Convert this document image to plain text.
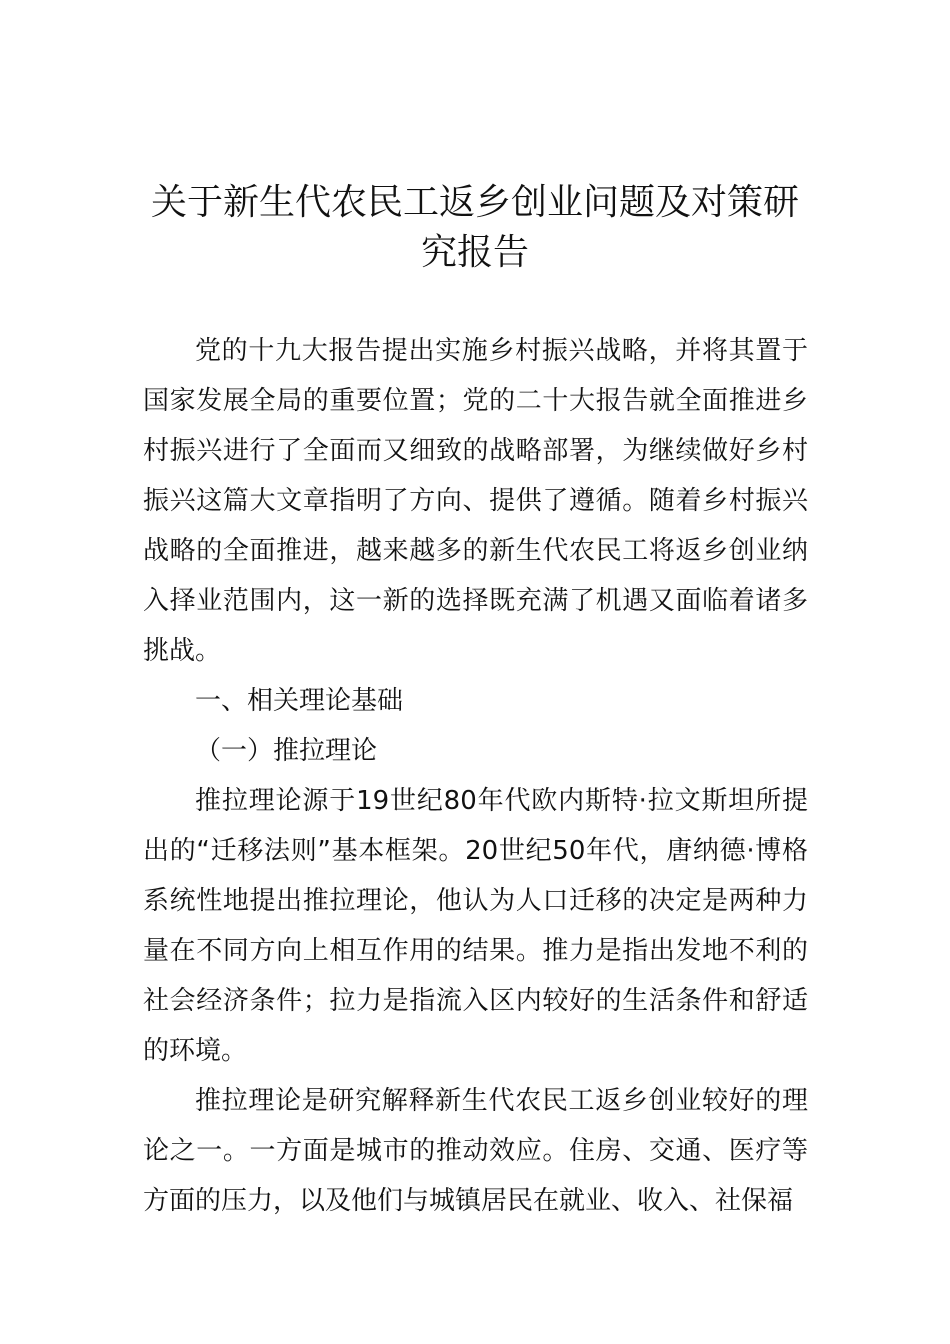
关于新生代农民工返乡创业问题及对策研究报告

党的十九大报告提出实施乡村振兴战略，并将其置于国家发展全局的重要位置；党的二十大报告就全面推进乡村振兴进行了全面而又细致的战略部署，为继续做好乡村振兴这篇大文章指明了方向、提供了遵循。随着乡村振兴战略的全面推进，越来越多的新生代农民工将返乡创业纳入择业范围内，这一新的选择既充满了机遇又面临着诸多挑战。

一、相关理论基础

（一）推拉理论

推拉理论源于19世纪80年代欧内斯特·拉文斯坦所提出的“迁移法则”基本框架。20世纪50年代，唐纳德·博格系统性地提出推拉理论，他认为人口迁移的决定是两种力量在不同方向上相互作用的结果。推力是指出发地不利的社会经济条件；拉力是指流入区内较好的生活条件和舒适的环境。

推拉理论是研究解释新生代农民工返乡创业较好的理论之一。一方面是城市的推动效应。住房、交通、医疗等方面的压力，以及他们与城镇居民在就业、收入、社保福
